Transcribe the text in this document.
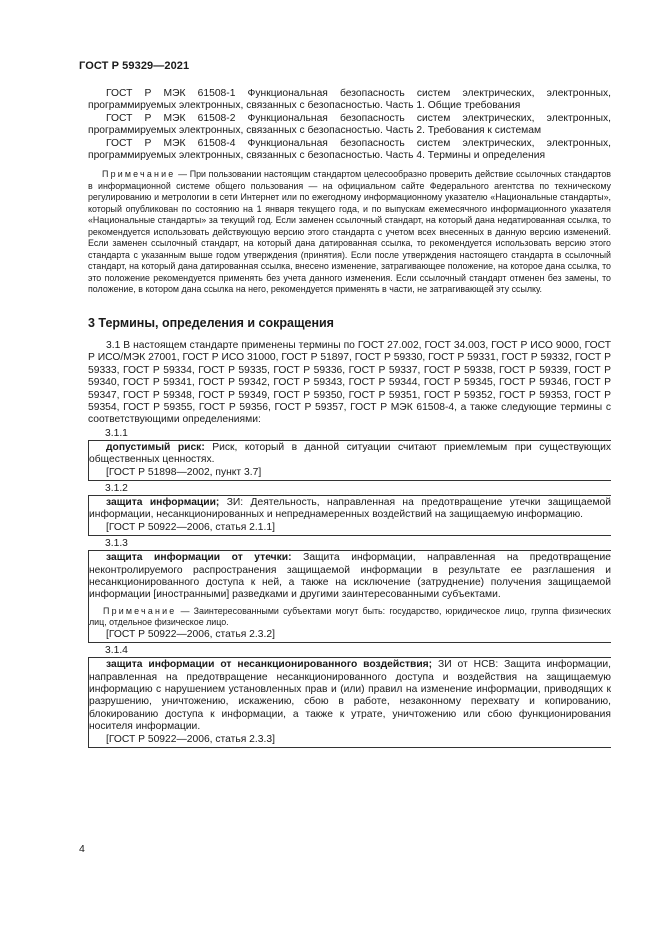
ГОСТ Р 59329—2021

ГОСТ Р МЭК 61508-1 Функциональная безопасность систем электрических, электронных, программируемых электронных, связанных с безопасностью. Часть 1. Общие требования

ГОСТ Р МЭК 61508-2 Функциональная безопасность систем электрических, электронных, программируемых электронных, связанных с безопасностью. Часть 2. Требования к системам

ГОСТ Р МЭК 61508-4 Функциональная безопасность систем электрических, электронных, программируемых электронных, связанных с безопасностью. Часть 4. Термины и определения

Примечание — При пользовании настоящим стандартом целесообразно проверить действие ссылочных стандартов в информационной системе общего пользования — на официальном сайте Федерального агентства по техническому регулированию и метрологии в сети Интернет или по ежегодному информационному указателю «Национальные стандарты», который опубликован по состоянию на 1 января текущего года, и по выпускам ежемесячного информационного указателя «Национальные стандарты» за текущий год. Если заменен ссылочный стандарт, на который дана недатированная ссылка, то рекомендуется использовать действующую версию этого стандарта с учетом всех внесенных в данную версию изменений. Если заменен ссылочный стандарт, на который дана датированная ссылка, то рекомендуется использовать версию этого стандарта с указанным выше годом утверждения (принятия). Если после утверждения настоящего стандарта в ссылочный стандарт, на который дана датированная ссылка, внесено изменение, затрагивающее положение, на которое дана ссылка, то это положение рекомендуется применять без учета данного изменения. Если ссылочный стандарт отменен без замены, то положение, в котором дана ссылка на него, рекомендуется применять в части, не затрагивающей эту ссылку.

3 Термины, определения и сокращения

3.1 В настоящем стандарте применены термины по ГОСТ 27.002, ГОСТ 34.003, ГОСТ Р ИСО 9000, ГОСТ Р ИСО/МЭК 27001, ГОСТ Р ИСО 31000, ГОСТ Р 51897, ГОСТ Р 59330, ГОСТ Р 59331, ГОСТ Р 59332, ГОСТ Р 59333, ГОСТ Р 59334, ГОСТ Р 59335, ГОСТ Р 59336, ГОСТ Р 59337, ГОСТ Р 59338, ГОСТ Р 59339, ГОСТ Р 59340, ГОСТ Р 59341, ГОСТ Р 59342, ГОСТ Р 59343, ГОСТ Р 59344, ГОСТ Р 59345, ГОСТ Р 59346, ГОСТ Р 59347, ГОСТ Р 59348, ГОСТ Р 59349, ГОСТ Р 59350, ГОСТ Р 59351, ГОСТ Р 59352, ГОСТ Р 59353, ГОСТ Р 59354, ГОСТ Р 59355, ГОСТ Р 59356, ГОСТ Р 59357, ГОСТ Р МЭК 61508-4, а также следующие термины с соответствующими определениями:

3.1.1

допустимый риск: Риск, который в данной ситуации считают приемлемым при существующих общественных ценностях.

[ГОСТ Р 51898—2002, пункт 3.7]
3.1.2

защита информации; ЗИ: Деятельность, направленная на предотвращение утечки защищаемой информации, несанкционированных и непреднамеренных воздействий на защищаемую информацию.

[ГОСТ Р 50922—2006, статья 2.1.1]
3.1.3

защита информации от утечки: Защита информации, направленная на предотвращение неконтролируемого распространения защищаемой информации в результате ее разглашения и несанкционированного доступа к ней, а также на исключение (затруднение) получения защищаемой информации [иностранными] разведками и другими заинтересованными субъектами.

Примечание — Заинтересованными субъектами могут быть: государство, юридическое лицо, группа физических лиц, отдельное физическое лицо.

[ГОСТ Р 50922—2006, статья 2.3.2]
3.1.4

защита информации от несанкционированного воздействия; ЗИ от НСВ: Защита информации, направленная на предотвращение несанкционированного доступа и воздействия на защищаемую информацию с нарушением установленных прав и (или) правил на изменение информации, приводящих к разрушению, уничтожению, искажению, сбою в работе, незаконному перехвату и копированию, блокированию доступа к информации, а также к утрате, уничтожению или сбою функционирования носителя информации.

[ГОСТ Р 50922—2006, статья 2.3.3]
4
